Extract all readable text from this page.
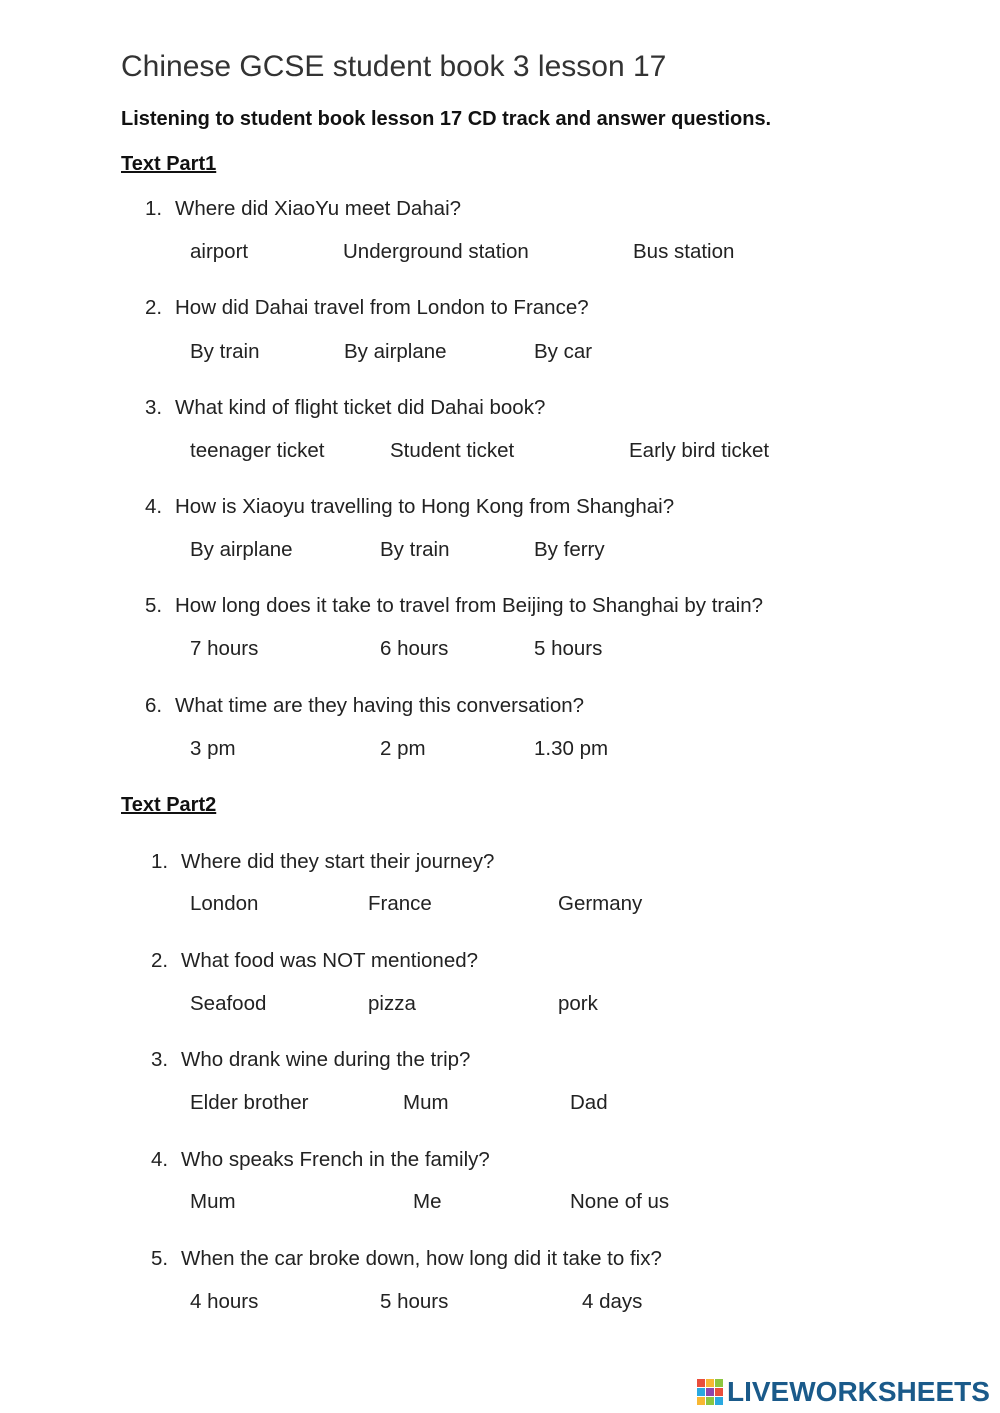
Chinese GCSE student book 3 lesson 17
Listening to student book lesson 17 CD track and answer questions.
Text Part1
1. Where did XiaoYu meet Dahai?
airport	Underground station	Bus station
2. How did Dahai travel from London to France?
By train	By airplane	By car
3. What kind of flight ticket did Dahai book?
teenager ticket	Student ticket	Early bird ticket
4. How is Xiaoyu travelling to Hong Kong from Shanghai?
By airplane	By train	By ferry
5. How long does it take to travel from Beijing to Shanghai by train?
7 hours	6 hours	5 hours
6. What time are they having this conversation?
3 pm	2 pm	1.30 pm
Text Part2
1. Where did they start their journey?
London	France	Germany
2. What food was NOT mentioned?
Seafood	pizza	pork
3. Who drank wine during the trip?
Elder brother	Mum	Dad
4. Who speaks French in the family?
Mum	Me	None of us
5. When the car broke down, how long did it take to fix?
4 hours	5 hours	4 days
LIVEWORKSHEETS
